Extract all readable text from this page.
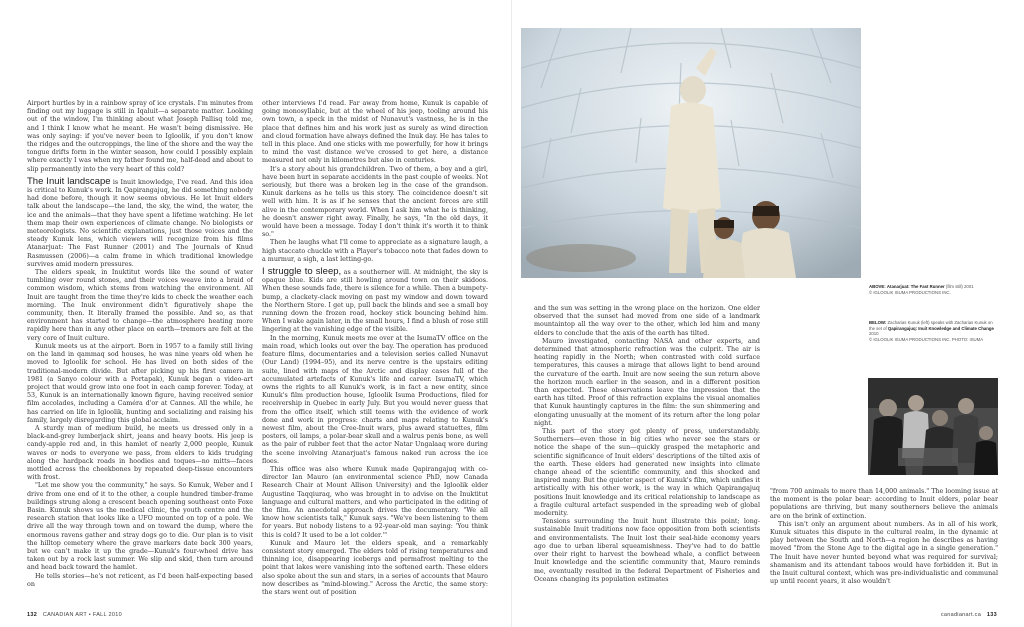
Airport hurtles by in a rainbow spray of ice crystals. I'm minutes from finding out my luggage is still in Iqaluit—a separate matter. Looking out of the window, I'm thinking about what Joseph Pallisq told me, and I think I know what he meant. He wasn't being dismissive. He was only saying: if you've never been to Igloolik, if you don't know the ridges and the outcroppings, the line of the shore and the way the tongue drifts form in the winter season, how could I possibly explain where exactly I was when my father found me, half-dead and about to slip permanently into the very heart of this cold?

The Inuit landscape is Inuit knowledge, I've read. And this idea is critical to Kunuk's work. In Qapirangajuq, he did something nobody had done before, though it now seems obvious. He let Inuit elders talk about the landscape—the land, the sky, the wind, the water, the ice and the animals—that they have spent a lifetime watching. He let them map their own experiences of climate change. No biologists or meteorologists. No scientific explanations, just those voices and the steady Kunuk lens, which viewers will recognize from his films Atanarjuat: The Fast Runner (2001) and The Journals of Knud Rasmussen (2006)—a calm frame in which traditional knowledge survives amid modern pressures.

The elders speak, in Inuktitut words like the sound of water tumbling over round stones, and their voices weave into a braid of common wisdom, which stems from watching the environment. All Inuit are taught from the time they're kids to check the weather each morning. The Inuk environment didn't figuratively shape the community, then. It literally framed the possible. And so, as that environment has started to change—the atmosphere heating more rapidly here than in any other place on earth—tremors are felt at the very core of Inuit culture.

Kunuk meets us at the airport. Born in 1957 to a family still living on the land in qammaq sod houses, he was nine years old when he moved to Igloolik for school. He has lived on both sides of the traditional-modern divide. But after picking up his first camera in 1981 (a Sanyo colour with a Portapak), Kunuk began a video-art project that would grow into one foot in each camp forever. Today, at 53, Kunuk is an internationally known figure, having received senior film accolades, including a Caméra d'or at Cannes. All the while, he has carried on life in Igloolik, hunting and socializing and raising his family, largely disregarding this global acclaim.

A sturdy man of medium build, he meets us dressed only in a black-and-grey lumberjack shirt, jeans and heavy boots. His jeep is candy-apple red and, in this hamlet of nearly 2,000 people, Kunuk waves or nods to everyone we pass, from elders to kids trudging along the hardpack roads in hoodies and toques—no mitts—faces mottled across the cheekbones by repeated deep-tissue encounters with frost.

"Let me show you the community," he says. So Kunuk, Weber and I drive from one end of it to the other, a couple hundred timber-frame buildings strung along a crescent beach opening southeast onto Foxe Basin. Kunuk shows us the medical clinic, the youth centre and the research station that looks like a UFO mounted on top of a pole. We drive all the way through town and on toward the dump, where the enormous ravens gather and stray dogs go to die. Our plan is to visit the hilltop cemetery where the grave markers date back 300 years, but we can't make it up the grade—Kunuk's four-wheel drive has taken out by a rock last summer. We slip and skid, then turn around and head back toward the hamlet.

He tells stories—he's not reticent, as I'd been half-expecting based on

other interviews I'd read. Far away from home, Kunuk is capable of going monosyllabic, but at the wheel of his jeep, tooling around his own town, a speck in the midst of Nunavut's vastness, he is in the place that defines him and his work just as surely as wind direction and cloud formation have always defined the Inuk day. He has tales to tell in this place. And one sticks with me powerfully, for how it brings to mind the vast distance we've crossed to get here, a distance measured not only in kilometres but also in centuries.

It's a story about his grandchildren. Two of them, a boy and a girl, have been hurt in separate accidents in the past couple of weeks. Not seriously, but there was a broken leg in the case of the grandson. Kunuk darkens as he tells us this story. The coincidence doesn't sit well with him. It is as if he senses that the ancient forces are still alive in the contemporary world. When I ask him what he is thinking, he doesn't answer right away. Finally, he says, "In the old days, it would have been a message. Today I don't think it's worth it to think so."

Then he laughs what I'll come to appreciate as a signature laugh, a high staccato chuckle with a Player's tobacco note that fades down to a murmur, a sigh, a last letting-go.

I struggle to sleep, as a southerner will. At midnight, the sky is opaque blue. Kids are still howling around town on their skidoos. When these sounds fade, there is silence for a while. Then a bumpety-bump, a clackety-clack moving on past my window and down toward the Northern Store. I get up, pull back the blinds and see a small boy running down the frozen road, hockey stick bouncing behind him. When I wake again later, in the small hours, I find a blush of rose still lingering at the vanishing edge of the visible.

In the morning, Kunuk meets me over at the IsumaTV office on the main road, which looks out over the bay. The operation has produced feature films, documentaries and a television series called Nunavut (Our Land) (1994–95), and its nerve centre is the upstairs editing suite, lined with maps of the Arctic and display cases full of the accumulated artefacts of Kunuk's life and career. IsumaTV, which owns the rights to all Kunuk's work, is in fact a new entity, since Kunuk's film production house, Igloolik Isuma Productions, filed for receivership in Quebec in early July. But you would never guess that from the office itself, which still teems with the evidence of work done and work in progress: charts and maps relating to Kunuk's newest film, about the Cree-Inuit wars, plus award statuettes, film posters, oil lamps, a polar-bear skull and a walrus penis bone, as well as the pair of rubber feet that the actor Natar Ungalaaq wore during the scene involving Atanarjuat's famous naked run across the ice floes.

This office was also where Kunuk made Qapirangajuq with co-director Ian Mauro (an environmental science PhD, now Canada Research Chair at Mount Allison University) and the Igloolik elder Augustine Taqqiuraq, who was brought in to advise on the Inuktitut language and cultural matters, and who participated in the editing of the film. An anecdotal approach drives the documentary. "We all know how scientists talk," Kunuk says. "We've been listening to them for years. But nobody listens to a 92-year-old man saying: 'You think this is cold? It used to be a lot colder.'"

Kunuk and Mauro let the elders speak, and a remarkably consistent story emerged. The elders told of rising temperatures and thinning ice, disappearing icebergs and permafrost melting to the point that lakes were vanishing into the softened earth. These elders also spoke about the sun and stars, in a series of accounts that Mauro now describes as "mind-blowing." Across the Arctic, the same story: the stars went out of position

132 CANADIAN ART • FALL 2010
ABOVE: Atanarjuat: The Fast Runner (film still) 2001
© IGLOOLIK ISUMA PRODUCTIONS INC.
BELOW: Zacharias Kunuk (left) speaks with Zacharias Kunuk on the set of Qapirangajuq: Inuit Knowledge and Climate Change 2010
© IGLOOLIK ISUMA PRODUCTIONS INC. PHOTO: ISUMA

and the sun was setting in the wrong place on the horizon. One elder observed that the sunset had moved from one side of a landmark mountaintop all the way over to the other, which led him and many elders to conclude that the axis of the earth has tilted.

Mauro investigated, contacting NASA and other experts, and determined that atmospheric refraction was the culprit. The air is heating rapidly in the North; when contrasted with cold surface temperatures, this causes a mirage that allows light to bend around the curvature of the earth. Inuit are now seeing the sun return above the horizon much earlier in the season, and in a different position than expected. These observations leave the impression that the earth has tilted. Proof of this refraction explains the visual anomalies that Kunuk hauntingly captures in the film: the sun shimmering and elongating unusually at the moment of its return after the long polar night.

This part of the story got plenty of press, understandably. Southerners—even those in big cities who never see the stars or notice the shape of the sun—quickly grasped the metaphoric and scientific significance of Inuit elders' descriptions of the tilted axis of the earth. These elders had generated new insights into climate change ahead of the scientific community, and this shocked and inspired many. But the quieter aspect of Kunuk's film, which unifies it artistically with his other work, is the way in which Qapirangajuq positions Inuit knowledge and its critical relationship to landscape as a fragile cultural artefact suspended in the spreading web of global modernity.

Tensions surrounding the Inuit hunt illustrate this point; long-sustainable Inuit traditions now face opposition from both scientists and environmentalists. The Inuit lost their seal-hide economy years ago due to urban liberal squeamishness. They've had to do battle over their right to harvest the bowhead whale, a conflict between Inuit knowledge and the scientific community that, Mauro reminds me, eventually resulted in the federal Department of Fisheries and Oceans changing its population estimates

"from 700 animals to more than 14,000 animals." The looming issue at the moment is the polar bear: according to Inuit elders, polar bear populations are thriving, but many southerners believe the animals are on the brink of extinction.

This isn't only an argument about numbers. As in all of his work, Kunuk situates this dispute in the cultural realm, in the dynamic at play between the South and North—a region he describes as having moved "from the Stone Age to the digital age in a single generation." The Inuit have never hunted beyond what was required for survival; shamanism and its attendant taboos would have forbidden it. But in the Inuit cultural context, which was pre-individualistic and communal up until recent years, it also wouldn't

canadianart.ca 133
